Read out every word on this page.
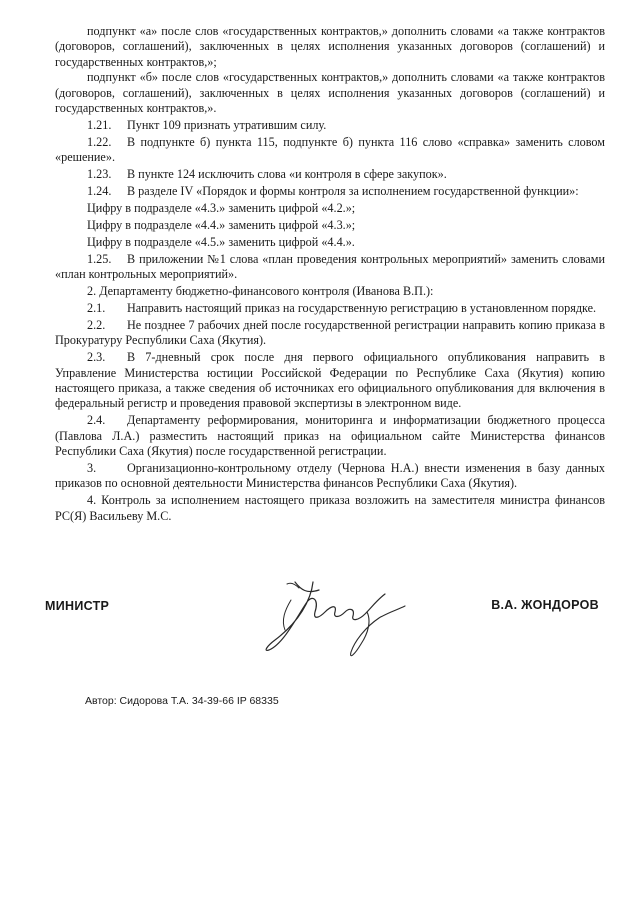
подпункт «а» после слов «государственных контрактов,» дополнить словами «а также контрактов (договоров, соглашений), заключенных в целях исполнения указанных договоров (соглашений) и государственных контрактов,»;

подпункт «б» после слов «государственных контрактов,» дополнить словами «а также контрактов (договоров, соглашений), заключенных в целях исполнения указанных договоров (соглашений) и государственных контрактов,».

1.21. Пункт 109 признать утратившим силу.

1.22. В подпункте б) пункта 115, подпункте б) пункта 116 слово «справка» заменить словом «решение».

1.23. В пункте 124 исключить слова «и контроля в сфере закупок».

1.24. В разделе IV «Порядок и формы контроля за исполнением государственной функции»:

Цифру в подразделе «4.3.» заменить цифрой «4.2.»;

Цифру в подразделе «4.4.» заменить цифрой «4.3.»;

Цифру в подразделе «4.5.» заменить цифрой «4.4.».

1.25. В приложении №1 слова «план проведения контрольных мероприятий» заменить словами «план контрольных мероприятий».

2. Департаменту бюджетно-финансового контроля (Иванова В.П.):

2.1. Направить настоящий приказ на государственную регистрацию в установленном порядке.

2.2. Не позднее 7 рабочих дней после государственной регистрации направить копию приказа в Прокуратуру Республики Саха (Якутия).

2.3. В 7-дневный срок после дня первого официального опубликования направить в Управление Министерства юстиции Российской Федерации по Республике Саха (Якутия) копию настоящего приказа, а также сведения об источниках его официального опубликования для включения в федеральный регистр и проведения правовой экспертизы в электронном виде.

2.4. Департаменту реформирования, мониторинга и информатизации бюджетного процесса (Павлова Л.А.) разместить настоящий приказ на официальном сайте Министерства финансов Республики Саха (Якутия) после государственной регистрации.

3.	Организационно-контрольному отделу (Чернова Н.А.) внести изменения в базу данных приказов по основной деятельности Министерства финансов Республики Саха (Якутия).

4. Контроль за исполнением настоящего приказа возложить на заместителя министра финансов РС(Я) Васильеву М.С.

МИНИСТР	В.А. ЖОНДОРОВ
Автор: Сидорова Т.А. 34-39-66 IP 68335
